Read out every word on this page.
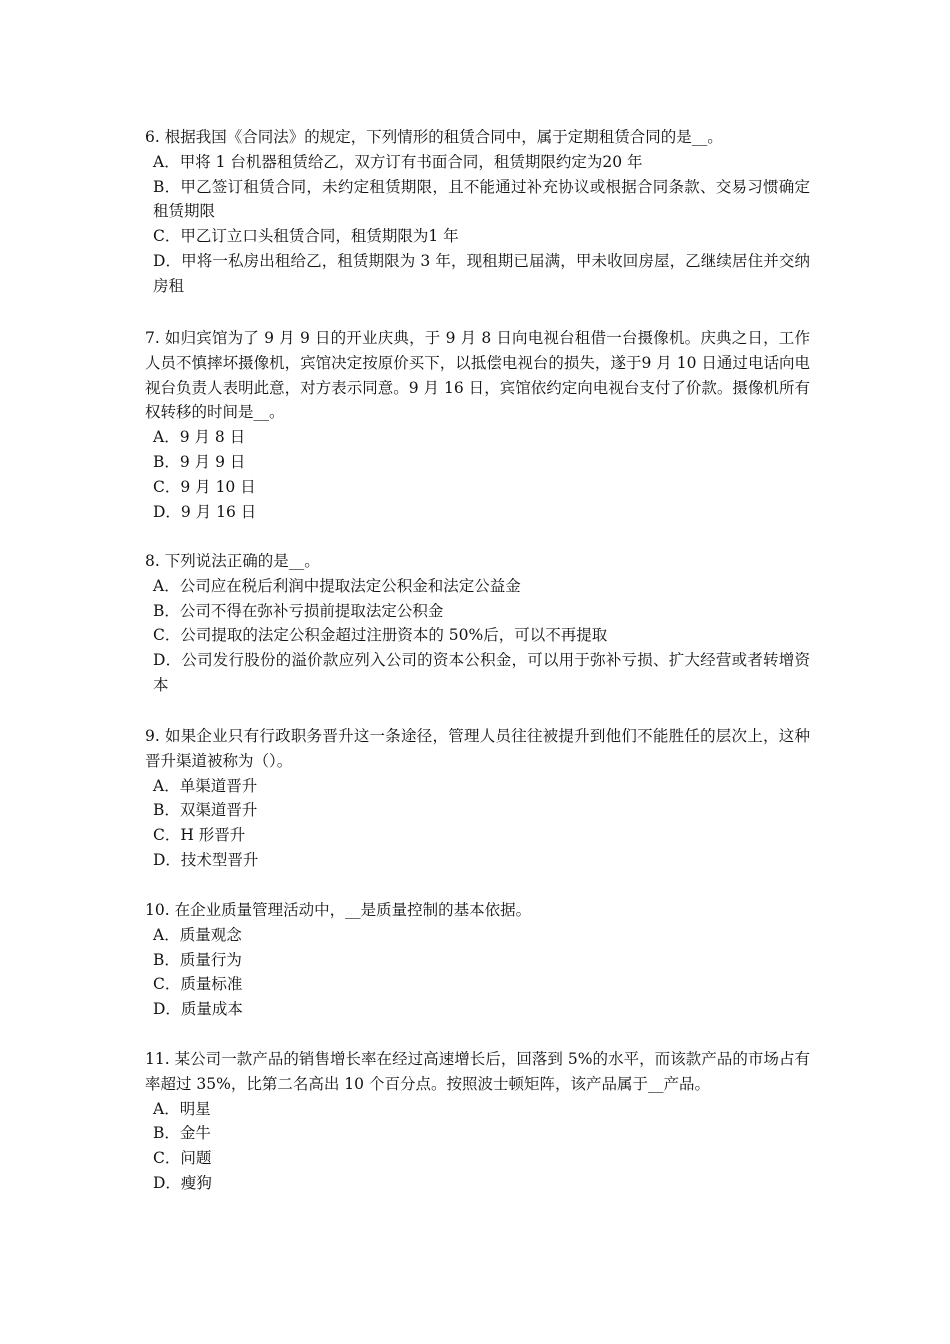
6. 根据我国《合同法》的规定，下列情形的租赁合同中，属于定期租赁合同的是__。

A．甲将 1 台机器租赁给乙，双方订有书面合同，租赁期限约定为20 年

B．甲乙签订租赁合同，未约定租赁期限，且不能通过补充协议或根据合同条款、交易习惯确定租赁期限

C．甲乙订立口头租赁合同，租赁期限为1 年

D．甲将一私房出租给乙，租赁期限为 3 年，现租期已届满，甲未收回房屋，乙继续居住并交纳房租

7. 如归宾馆为了 9 月 9 日的开业庆典，于 9 月 8 日向电视台租借一台摄像机。庆典之日，工作人员不慎摔坏摄像机，宾馆决定按原价买下，以抵偿电视台的损失，遂于9 月 10 日通过电话向电视台负责人表明此意，对方表示同意。9 月 16 日，宾馆依约定向电视台支付了价款。摄像机所有权转移的时间是__。

A．9 月 8 日

B．9 月 9 日

C．9 月 10 日

D．9 月 16 日

8. 下列说法正确的是__。

A．公司应在税后利润中提取法定公积金和法定公益金

B．公司不得在弥补亏损前提取法定公积金

C．公司提取的法定公积金超过注册资本的 50%后，可以不再提取

D．公司发行股份的溢价款应列入公司的资本公积金，可以用于弥补亏损、扩大经营或者转增资本

9. 如果企业只有行政职务晋升这一条途径，管理人员往往被提升到他们不能胜任的层次上，这种晋升渠道被称为（）。

A．单渠道晋升

B．双渠道晋升

C．H 形晋升

D．技术型晋升

10. 在企业质量管理活动中，__是质量控制的基本依据。

A．质量观念

B．质量行为

C．质量标准

D．质量成本

11. 某公司一款产品的销售增长率在经过高速增长后，回落到 5%的水平，而该款产品的市场占有率超过 35%，比第二名高出 10 个百分点。按照波士顿矩阵，该产品属于__产品。

A．明星

B．金牛

C．问题

D．瘦狗
